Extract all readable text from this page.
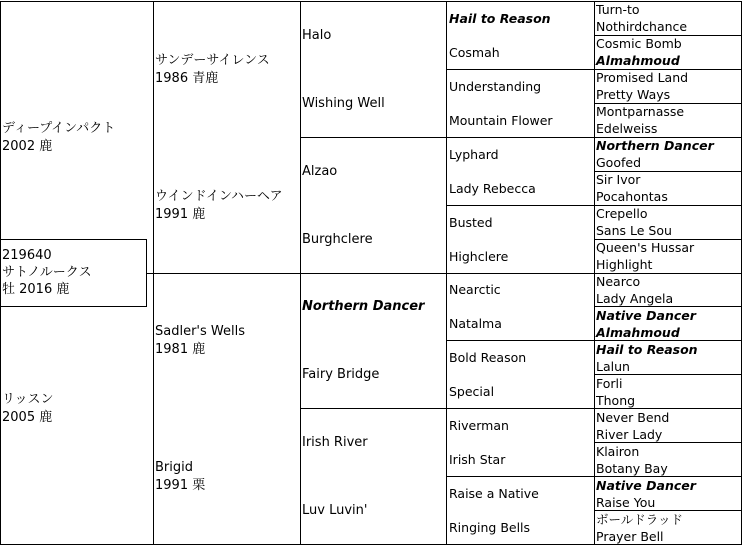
ディープインパクト
2002 鹿
リッスン
2005 鹿
219640
サトノルークス
牡 2016 鹿
サンデーサイレンス
1986 青鹿
ウインドインハーヘア
1991 鹿
Sadler's Wells
1981 鹿
Brigid
1991 栗
Halo
Wishing Well
Alzao
Burghclere
Northern Dancer
Fairy Bridge
Irish River
Luv Luvin'
Hail to Reason
Cosmah
Understanding
Mountain Flower
Lyphard
Lady Rebecca
Busted
Highclere
Nearctic
Natalma
Bold Reason
Special
Riverman
Irish Star
Raise a Native
Ringing Bells
Turn-to
Nothirdchance
Cosmic Bomb
Almahmoud
Promised Land
Pretty Ways
Montparnasse
Edelweiss
Northern Dancer
Goofed
Sir Ivor
Pocahontas
Crepello
Sans Le Sou
Queen's Hussar
Highlight
Nearco
Lady Angela
Native Dancer
Almahmoud
Hail to Reason
Lalun
Forli
Thong
Never Bend
River Lady
Klairon
Botany Bay
Native Dancer
Raise You
ボールドラッド
Prayer Bell
